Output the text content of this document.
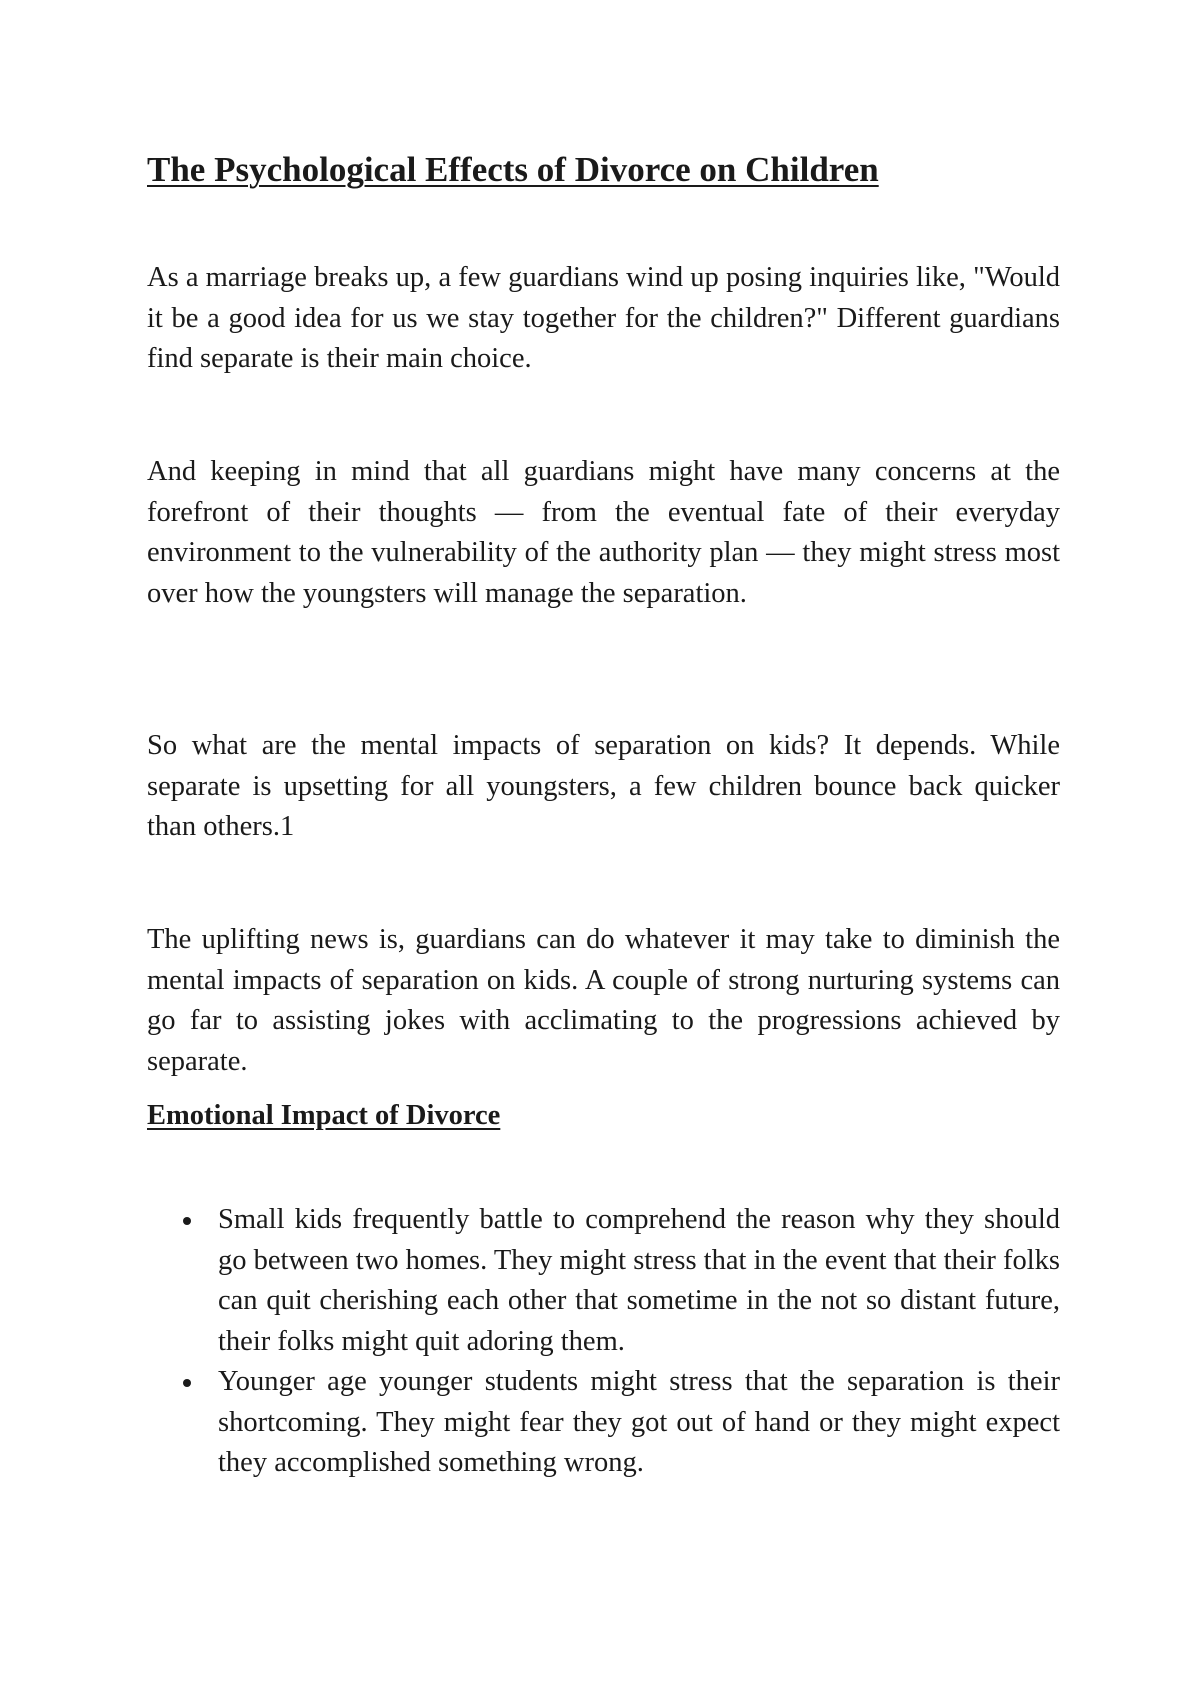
The Psychological Effects of Divorce on Children

As a marriage breaks up, a few guardians wind up posing inquiries like, "Would it be a good idea for us we stay together for the children?" Different guardians find separate is their main choice.

And keeping in mind that all guardians might have many concerns at the forefront of their thoughts — from the eventual fate of their everyday environment to the vulnerability of the authority plan — they might stress most over how the youngsters will manage the separation.

So what are the mental impacts of separation on kids? It depends. While separate is upsetting for all youngsters, a few children bounce back quicker than others.1

The uplifting news is, guardians can do whatever it may take to diminish the mental impacts of separation on kids. A couple of strong nurturing systems can go far to assisting jokes with acclimating to the progressions achieved by separate.

Emotional Impact of Divorce
Small kids frequently battle to comprehend the reason why they should go between two homes. They might stress that in the event that their folks can quit cherishing each other that sometime in the not so distant future, their folks might quit adoring them.
Younger age younger students might stress that the separation is their shortcoming. They might fear they got out of hand or they might expect they accomplished something wrong.
